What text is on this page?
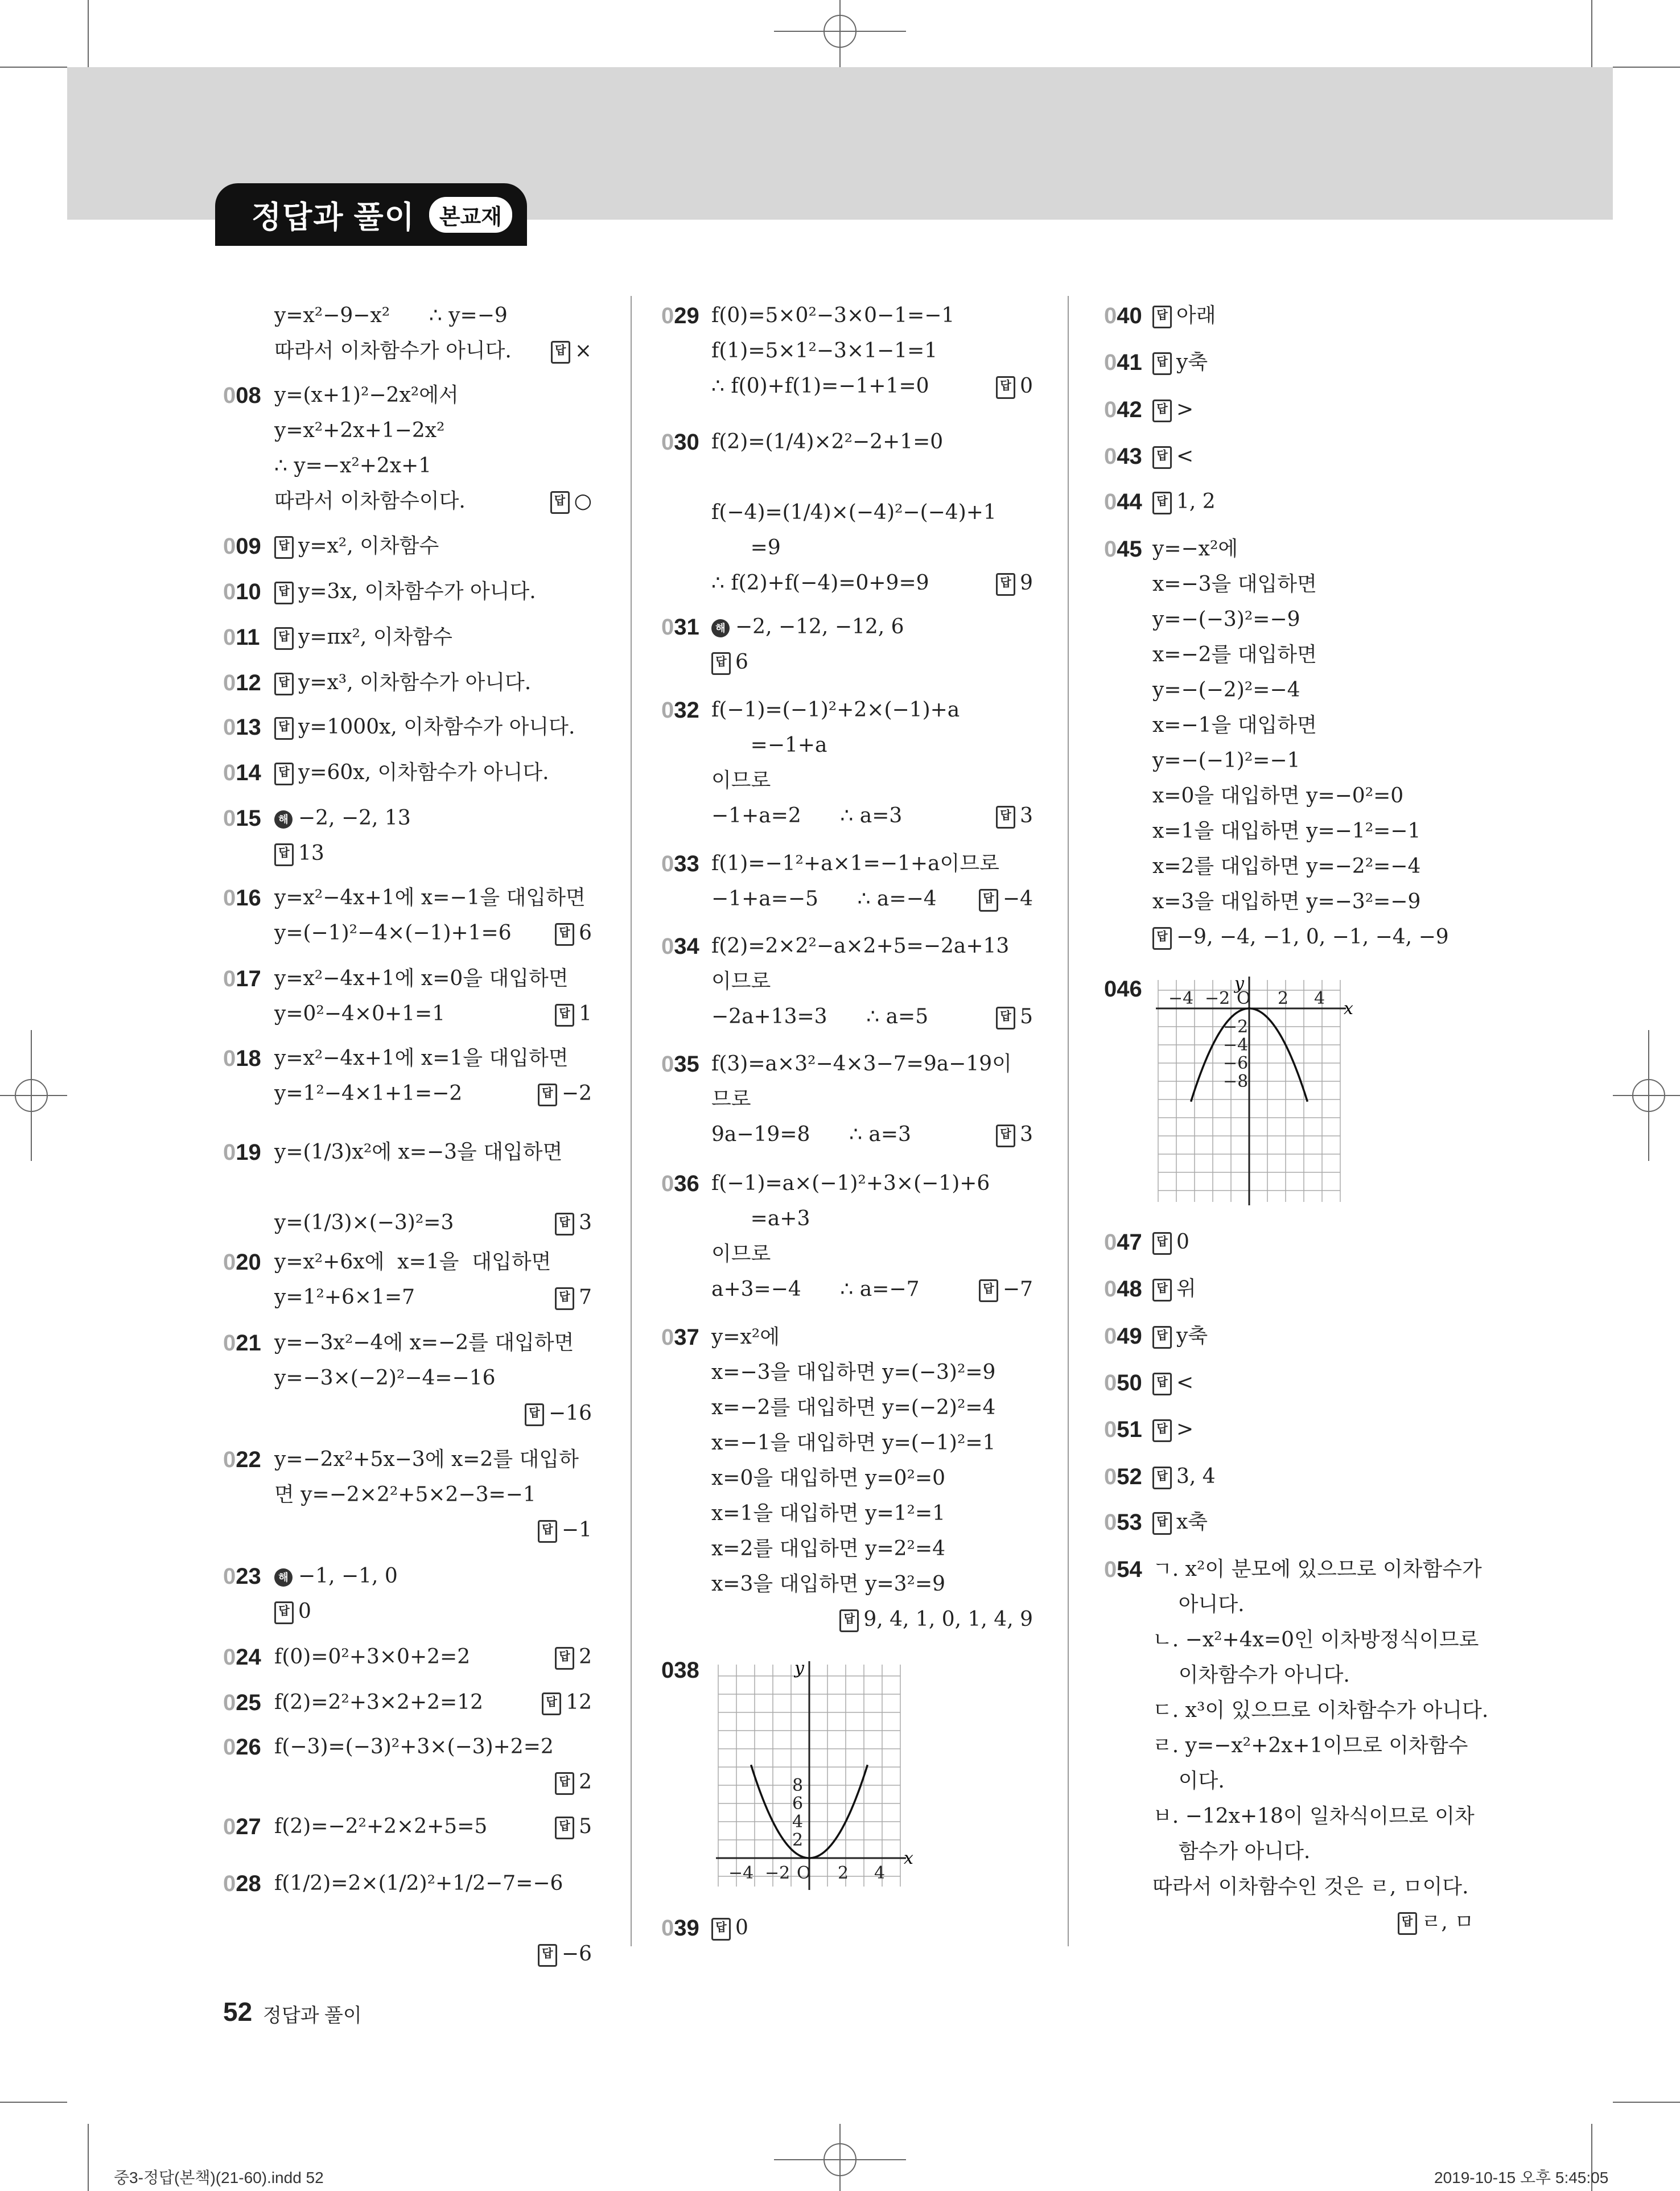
정답과 풀이	본교재
y=x²−9−x²      ∴ y=−9
따라서 이차함수가 아니다.	답 ×
008 y=(x+1)²−2x²에서
y=x²+2x+1−2x²
∴ y=−x²+2x+1
따라서 이차함수이다.	답 ○
009	답 y=x², 이차함수
010	답 y=3x, 이차함수가 아니다.
011	답 y=πx², 이차함수
012	답 y=x³, 이차함수가 아니다.
013	답 y=1000x, 이차함수가 아니다.
014	답 y=60x, 이차함수가 아니다.
015	해 −2, −2, 13
답 13
016 y=x²−4x+1에 x=−1을 대입하면
y=(−1)²−4×(−1)+1=6	답 6
017 y=x²−4x+1에 x=0을 대입하면
y=0²−4×0+1=1	답 1
018 y=x²−4x+1에 x=1을 대입하면
y=1²−4×1+1=−2	답 −2
019 y=(1/3)x²에 x=−3을 대입하면
y=(1/3)×(−3)²=3	답 3
020 y=x²+6x에  x=1을  대입하면
y=1²+6×1=7	답 7
021 y=−3x²−4에 x=−2를 대입하면
y=−3×(−2)²−4=−16
답 −16
022 y=−2x²+5x−3에 x=2를 대입하
면 y=−2×2²+5×2−3=−1
답 −1
023	해 −1, −1, 0
답 0
024 f(0)=0²+3×0+2=2	답 2
025 f(2)=2²+3×2+2=12	답 12
026 f(−3)=(−3)²+3×(−3)+2=2
답 2
027 f(2)=−2²+2×2+5=5	답 5
028 f(1/2)=2×(1/2)²+1/2−7=−6
답 −6
029 f(0)=5×0²−3×0−1=−1
f(1)=5×1²−3×1−1=1
∴ f(0)+f(1)=−1+1=0	답 0
030 f(2)=(1/4)×2²−2+1=0
f(−4)=(1/4)×(−4)²−(−4)+1
=9
∴ f(2)+f(−4)=0+9=9	답 9
031	해 −2, −12, −12, 6
답 6
032 f(−1)=(−1)²+2×(−1)+a
=−1+a
이므로
−1+a=2      ∴ a=3	답 3
033 f(1)=−1²+a×1=−1+a이므로
−1+a=−5      ∴ a=−4	답 −4
034 f(2)=2×2²−a×2+5=−2a+13
이므로
−2a+13=3      ∴ a=5	답 5
035 f(3)=a×3²−4×3−7=9a−19이
므로
9a−19=8      ∴ a=3	답 3
036 f(−1)=a×(−1)²+3×(−1)+6
=a+3
이므로
a+3=−4      ∴ a=−7	답 −7
037 y=x²에
x=−3을 대입하면 y=(−3)²=9
x=−2를 대입하면 y=(−2)²=4
x=−1을 대입하면 y=(−1)²=1
x=0을 대입하면 y=0²=0
x=1을 대입하면 y=1²=1
x=2를 대입하면 y=2²=4
x=3을 대입하면 y=3²=9
답 9, 4, 1, 0, 1, 4, 9
039	답 0
040	답 아래
041	답 y축
042	답 >
043	답 <
044	답 1, 2
045 y=−x²에
x=−3을 대입하면
y=−(−3)²=−9
x=−2를 대입하면
y=−(−2)²=−4
x=−1을 대입하면
y=−(−1)²=−1
x=0을 대입하면 y=−0²=0
x=1을 대입하면 y=−1²=−1
x=2를 대입하면 y=−2²=−4
x=3을 대입하면 y=−3²=−9
답 −9, −4, −1, 0, −1, −4, −9
047	답 0
048	답 위
049	답 y축
050	답 <
051	답 >
052	답 3, 4
053	답 x축
054 ㄱ. x²이 분모에 있으므로 이차함수가
아니다.
ㄴ. −x²+4x=0인 이차방정식이므로
이차함수가 아니다.
ㄷ. x³이 있으므로 이차함수가 아니다.
ㄹ. y=−x²+2x+1이므로 이차함수
이다.
ㅂ. −12x+18이 일차식이므로 이차
함수가 아니다.
따라서 이차함수인 것은 ㄹ, ㅁ이다.
답 ㄹ, ㅁ
038
−4 −2 O 2 4
8
6
4
2
x
y
046 −4 −2 O 2 4
−2
−4
−6
−8
x
y
52 정답과 풀이
중3-정답(본책)(21-60).indd 52	2019-10-15 오후 5:45:05
